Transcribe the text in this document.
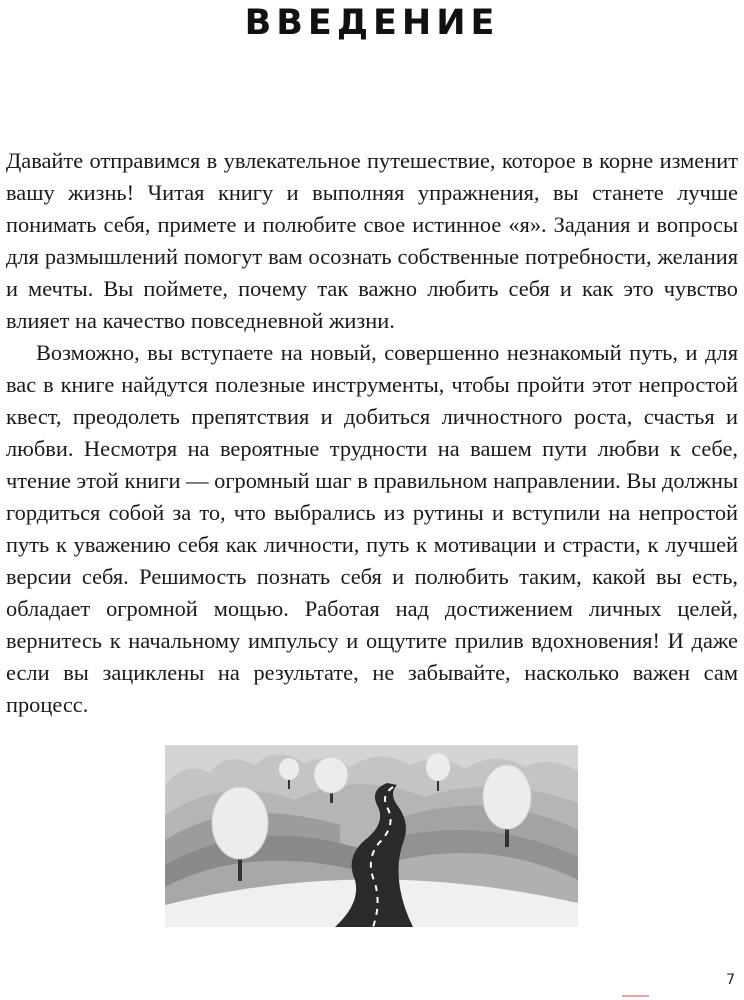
ВВЕДЕНИЕ

Давайте отправимся в увлекательное путешествие, которое в корне изменит вашу жизнь! Читая книгу и выполняя упражнения, вы станете лучше понимать себя, примете и полюбите свое истинное «я». Задания и вопросы для размышлений помогут вам осознать собственные потребности, желания и мечты. Вы поймете, почему так важно любить себя и как это чувство влияет на качество повседневной жизни.

Возможно, вы вступаете на новый, совершенно незнакомый путь, и для вас в книге найдутся полезные инструменты, чтобы пройти этот непростой квест, преодолеть препятствия и добиться личностного роста, счастья и любви. Несмотря на вероятные трудности на вашем пути любви к себе, чтение этой книги — огромный шаг в правильном направлении. Вы должны гордиться собой за то, что выбрались из рутины и вступили на непростой путь к уважению себя как личности, путь к мотивации и страсти, к лучшей версии себя. Решимость познать себя и полюбить таким, какой вы есть, обладает огромной мощью. Работая над достижением личных целей, вернитесь к начальному импульсу и ощутите прилив вдохновения! И даже если вы зациклены на результате, не забывайте, насколько важен сам процесс.

7
